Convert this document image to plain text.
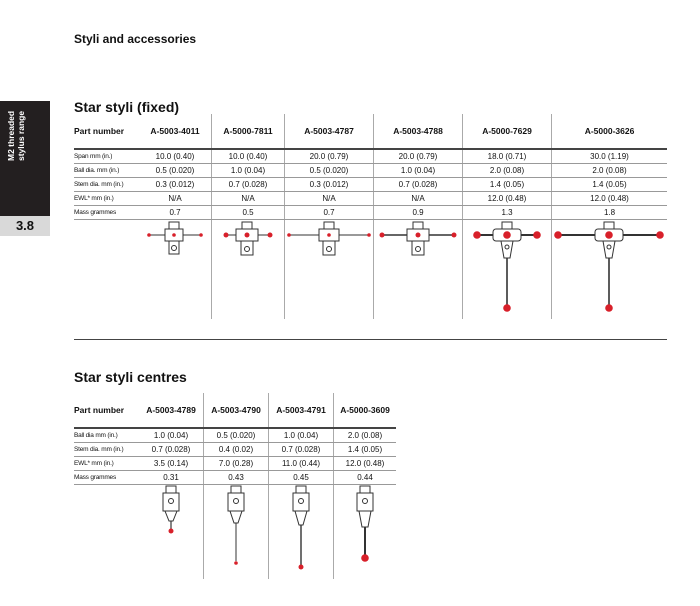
Styli and accessories
M2 threaded stylus range
3.8
Star styli (fixed)
Part number	A-5003-4011	A-5000-7811	A-5003-4787	A-5003-4788	A-5000-7629	A-5000-3626
Span mm (in.)	10.0 (0.40)	10.0 (0.40)	20.0 (0.79)	20.0 (0.79)	18.0 (0.71)	30.0 (1.19)
Ball dia. mm (in.)	0.5 (0.020)	1.0 (0.04)	0.5 (0.020)	1.0 (0.04)	2.0 (0.08)	2.0 (0.08)
Stem dia. mm (in.)	0.3 (0.012)	0.7 (0.028)	0.3 (0.012)	0.7 (0.028)	1.4 (0.05)	1.4 (0.05)
EWL* mm (in.)	N/A	N/A	N/A	N/A	12.0 (0.48)	12.0 (0.48)
Mass grammes	0.7	0.5	0.7	0.9	1.3	1.8

Star styli centres
Part number	A-5003-4789	A-5003-4790	A-5003-4791	A-5000-3609
Ball dia mm (in.)	1.0 (0.04)	0.5 (0.020)	1.0 (0.04)	2.0 (0.08)
Stem dia. mm (in.)	0.7 (0.028)	0.4 (0.02)	0.7 (0.028)	1.4 (0.05)
EWL* mm (in.)	3.5 (0.14)	7.0 (0.28)	11.0 (0.44)	12.0 (0.48)
Mass grammes	0.31	0.43	0.45	0.44
